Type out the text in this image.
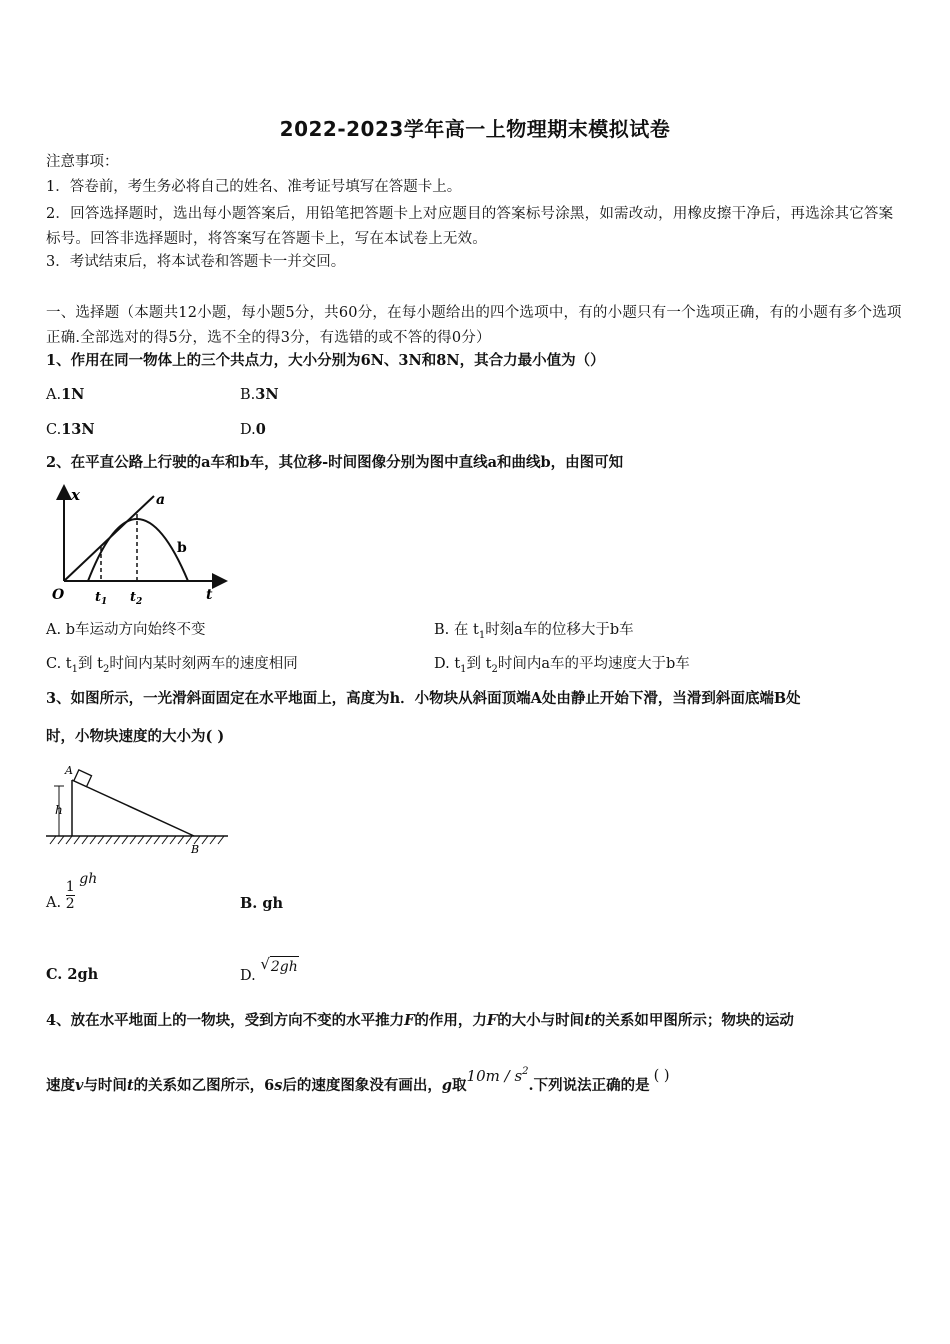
2022-2023学年高一上物理期末模拟试卷
注意事项：
1．答卷前，考生务必将自己的姓名、准考证号填写在答题卡上。
2．回答选择题时，选出每小题答案后，用铅笔把答题卡上对应题目的答案标号涂黑，如需改动，用橡皮擦干净后，再选涂其它答案标号。回答非选择题时，将答案写在答题卡上，写在本试卷上无效。
3．考试结束后，将本试卷和答题卡一并交回。
一、选择题（本题共12小题，每小题5分，共60分，在每小题给出的四个选项中，有的小题只有一个选项正确，有的小题有多个选项正确.全部选对的得5分，选不全的得3分，有选错的或不答的得0分）
1、作用在同一物体上的三个共点力，大小分别为6N、3N和8N，其合力最小值为（）
A.1N	B.3N
C.13N	D.0
2、在平直公路上行驶的a车和b车，其位移-时间图像分别为图中直线a和曲线b，由图可知
x	a
b
O $t_1$ $t_2$	t
A. b车运动方向始终不变	B. 在 $t_1$时刻a车的位移大于b车
C. $t_1$到 $t_2$时间内某时刻两车的速度相同	D. $t_1$到 $t_2$时间内a车的平均速度大于b车
3、如图所示，一光滑斜面固定在水平地面上，高度为h．小物块从斜面顶端A处由静止开始下滑，当滑到斜面底端B处
时，小物块速度的大小为( )
A
h
B
A. $\frac{1}{2}$ gh
B. gh
C. 2gh	D. √2gh
4、放在水平地面上的一物块，受到方向不变的水平推力F的作用，力F的大小与时间t的关系如甲图所示；物块的运动
速度v与时间t的关系如乙图所示，6s后的速度图象没有画出，g取$10m / s^2$.下列说法正确的是( )
